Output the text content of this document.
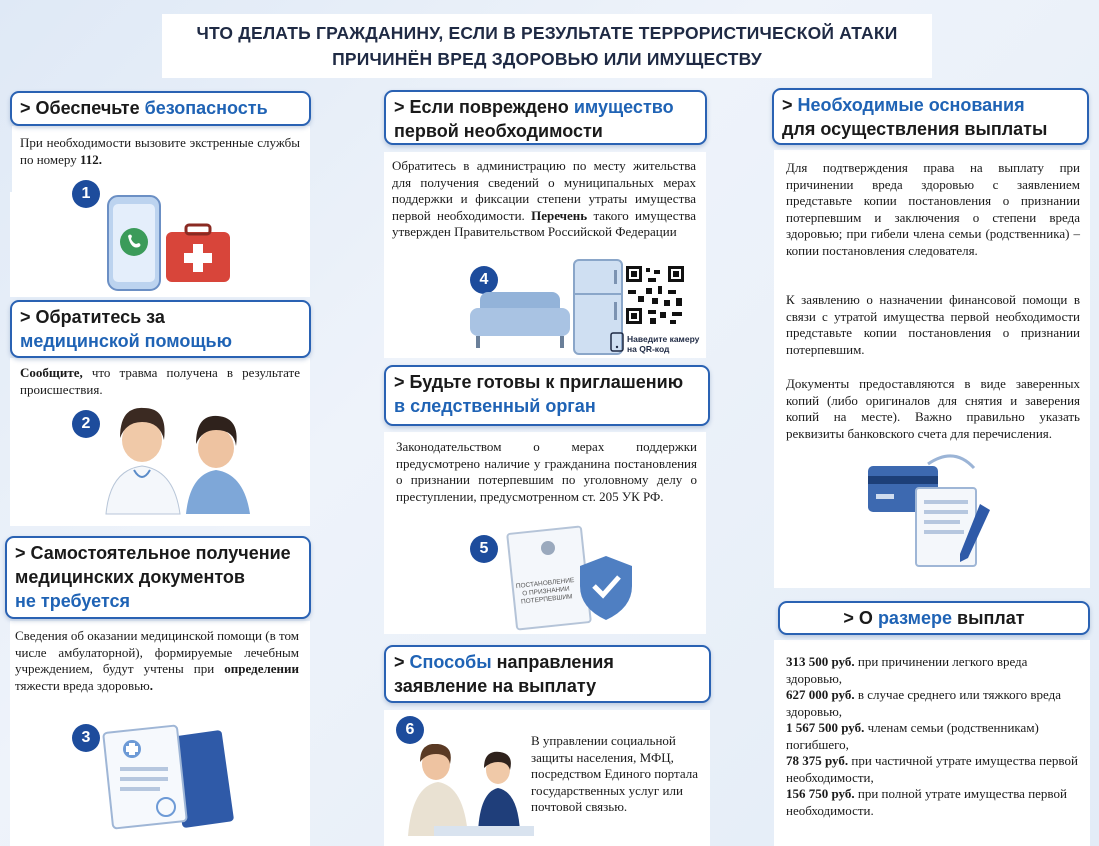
ЧТО ДЕЛАТЬ ГРАЖДАНИНУ, ЕСЛИ В РЕЗУЛЬТАТЕ ТЕРРОРИСТИЧЕСКОЙ АТАКИ
ПРИЧИНЁН ВРЕД ЗДОРОВЬЮ ИЛИ ИМУЩЕСТВУ
1
> Обеспечьте безопасность
При необходимости вызовите экстренные службы по номеру 112.
2
> Обратитесь за
медицинской помощью
Сообщите, что травма получена в результате происшествия.
3
> Самостоятельное получение
медицинских документов
не требуется
Сведения об оказании медицинской помощи (в том числе амбулаторной), формируемые лечебным учреждением, будут учтены при определении тяжести вреда здоровью.
4
Наведите камеру на QR-код
> Если повреждено имущество
первой необходимости
Обратитесь в администрацию по месту жительства для получения сведений о муниципальных мерах поддержки и фиксации степени утраты имущества первой необходимости. Перечень такого имущества утвержден Правительством Российской Федерации
5
ПОСТАНОВЛЕНИЕ О ПРИЗНАНИИ ПОТЕРПЕВШИМ
> Будьте готовы к приглашению
в следственный орган
Законодательством о мерах поддержки предусмотрено наличие у гражданина постановления о признании потерпевшим по уголовному делу о преступлении, предусмотренном ст. 205 УК РФ.
6
> Способы направления
заявление на выплату
В управлении социальной защиты населения, МФЦ, посредством Единого портала государственных услуг или почтовой связью.
> Необходимые основания
для осуществления выплаты
Для подтверждения права на выплату при причинении вреда здоровью с заявлением представьте копии постановления о признании потерпевшим и заключения о степени вреда здоровью; при гибели члена семьи (родственника) – копии постановления следователя.
К заявлению о назначении финансовой помощи в связи с утратой имущества первой необходимости представьте копии постановления о признании потерпевшим.
Документы предоставляются в виде заверенных копий (либо оригиналов для снятия и заверения копий на месте). Важно правильно указать реквизиты банковского счета для перечисления.
> О размере выплат
313 500 руб. при причинении легкого вреда здоровью,
627 000 руб. в случае среднего или тяжкого вреда здоровью,
1 567 500 руб. членам семьи (родственникам) погибшего,
78 375 руб. при частичной утрате имущества первой необходимости,
156 750 руб. при полной утрате имущества первой необходимости.
